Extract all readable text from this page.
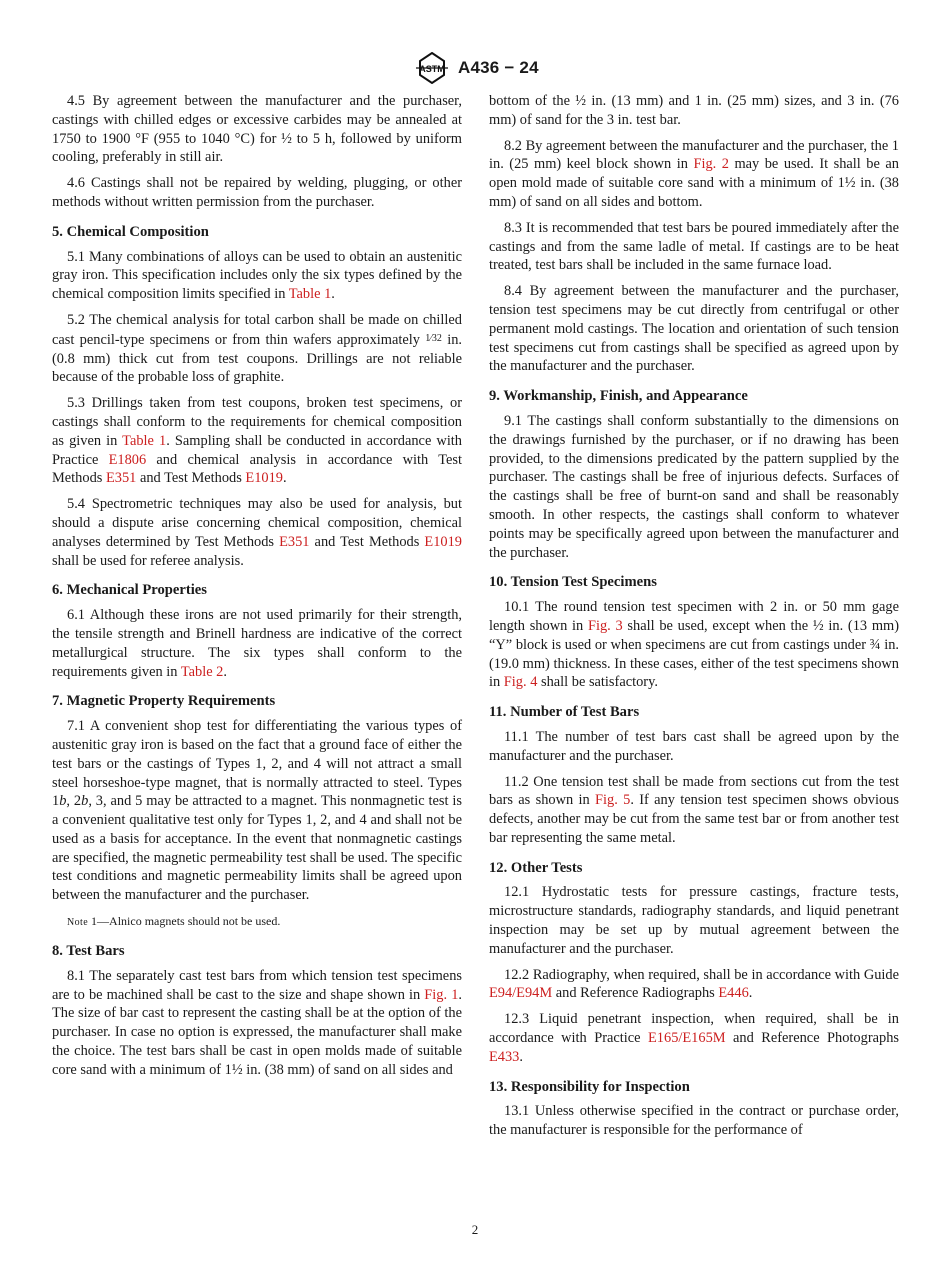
ASTM A436 − 24

4.5 By agreement between the manufacturer and the purchaser, castings with chilled edges or excessive carbides may be annealed at 1750 to 1900 °F (955 to 1040 °C) for ½ to 5 h, followed by uniform cooling, preferably in still air.

4.6 Castings shall not be repaired by welding, plugging, or other methods without written permission from the purchaser.

5. Chemical Composition

5.1 Many combinations of alloys can be used to obtain an austenitic gray iron. This specification includes only the six types defined by the chemical composition limits specified in Table 1.

5.2 The chemical analysis for total carbon shall be made on chilled cast pencil-type specimens or from thin wafers approximately $^{1⁄32}$ in. (0.8 mm) thick cut from test coupons. Drillings are not reliable because of the probable loss of graphite.

5.3 Drillings taken from test coupons, broken test specimens, or castings shall conform to the requirements for chemical composition as given in Table 1. Sampling shall be conducted in accordance with Practice E1806 and chemical analysis in accordance with Test Methods E351 and Test Methods E1019.

5.4 Spectrometric techniques may also be used for analysis, but should a dispute arise concerning chemical composition, chemical analyses determined by Test Methods E351 and Test Methods E1019 shall be used for referee analysis.

6. Mechanical Properties

6.1 Although these irons are not used primarily for their strength, the tensile strength and Brinell hardness are indicative of the correct metallurgical structure. The six types shall conform to the requirements given in Table 2.

7. Magnetic Property Requirements

7.1 A convenient shop test for differentiating the various types of austenitic gray iron is based on the fact that a ground face of either the test bars or the castings of Types 1, 2, and 4 will not attract a small steel horseshoe-type magnet, that is normally attracted to steel. Types 1b, 2b, 3, and 5 may be attracted to a magnet. This nonmagnetic test is a convenient qualitative test only for Types 1, 2, and 4 and shall not be used as a basis for acceptance. In the event that nonmagnetic castings are specified, the magnetic permeability test shall be used. The specific test conditions and magnetic permeability limits shall be agreed upon between the manufacturer and the purchaser.

Note 1—Alnico magnets should not be used.
8. Test Bars

8.1 The separately cast test bars from which tension test specimens are to be machined shall be cast to the size and shape shown in Fig. 1. The size of bar cast to represent the casting shall be at the option of the purchaser. In case no option is expressed, the manufacturer shall make the choice. The test bars shall be cast in open molds made of suitable core sand with a minimum of 1½ in. (38 mm) of sand on all sides and

bottom of the ½ in. (13 mm) and 1 in. (25 mm) sizes, and 3 in. (76 mm) of sand for the 3 in. test bar.

8.2 By agreement between the manufacturer and the purchaser, the 1 in. (25 mm) keel block shown in Fig. 2 may be used. It shall be an open mold made of suitable core sand with a minimum of 1½ in. (38 mm) of sand on all sides and bottom.

8.3 It is recommended that test bars be poured immediately after the castings and from the same ladle of metal. If castings are to be heat treated, test bars shall be included in the same furnace load.

8.4 By agreement between the manufacturer and the purchaser, tension test specimens may be cut directly from centrifugal or other permanent mold castings. The location and orientation of such tension test specimens cut from castings shall be specified as agreed upon by the manufacturer and the purchaser.

9. Workmanship, Finish, and Appearance

9.1 The castings shall conform substantially to the dimensions on the drawings furnished by the purchaser, or if no drawing has been provided, to the dimensions predicated by the pattern supplied by the purchaser. The castings shall be free of injurious defects. Surfaces of the castings shall be free of burnt-on sand and shall be reasonably smooth. In other respects, the castings shall conform to whatever points may be specifically agreed upon between the manufacturer and the purchaser.

10. Tension Test Specimens

10.1 The round tension test specimen with 2 in. or 50 mm gage length shown in Fig. 3 shall be used, except when the ½ in. (13 mm) “Y” block is used or when specimens are cut from castings under ¾ in. (19.0 mm) thickness. In these cases, either of the test specimens shown in Fig. 4 shall be satisfactory.

11. Number of Test Bars

11.1 The number of test bars cast shall be agreed upon by the manufacturer and the purchaser.

11.2 One tension test shall be made from sections cut from the test bars as shown in Fig. 5. If any tension test specimen shows obvious defects, another may be cut from the same test bar or from another test bar representing the same metal.

12. Other Tests

12.1 Hydrostatic tests for pressure castings, fracture tests, microstructure standards, radiography standards, and liquid penetrant inspection may be set up by mutual agreement between the manufacturer and the purchaser.

12.2 Radiography, when required, shall be in accordance with Guide E94/E94M and Reference Radiographs E446.

12.3 Liquid penetrant inspection, when required, shall be in accordance with Practice E165/E165M and Reference Photographs E433.

13. Responsibility for Inspection

13.1 Unless otherwise specified in the contract or purchase order, the manufacturer is responsible for the performance of

2
